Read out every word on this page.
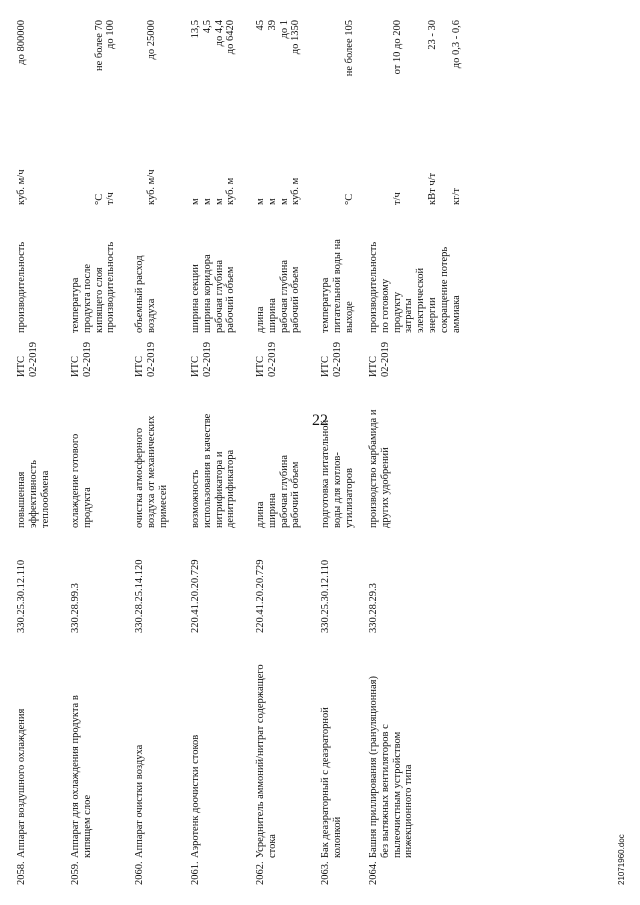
22
2058.
Аппарат воздушного охлаждения
330.25.30.12.110
повышенная эффективность теплообмена
ИТС 02-2019
производительность
куб. м/ч
до 800000
2059.
Аппарат для охлаждения продукта в кипящем слое
330.28.99.3
охлаждение готового продукта
ИТС 02-2019
температура продукта после кипящего слоя
°С
не более 70
производительность
т/ч
до 100
2060.
Аппарат очистки воздуха
330.28.25.14.120
очистка атмосферного воздуха от механических примесей
ИТС 02-2019
объемный расход воздуха
куб. м/ч
до 25000
2061.
Аэротенк доочистки стоков
220.41.20.20.729
возможность использования в качестве нитрификатора и денитрификатора
ИТС 02-2019
ширина секции
м
13,5
ширина коридора
м
4,5
рабочая глубина
м
до 4,4
рабочий объем
куб. м
до 6420
2062.
Усреднитель аммоний/нитрат содержащего стока
220.41.20.20.729
длина ширина рабочая глубина рабочий объем
ИТС 02-2019
длина
м
45
ширина
м
39
рабочая глубина
м
до 1
рабочий объем
куб. м
до 1350
2063.
Бак деаэраторный с деаэраторной колонкой
330.25.30.12.110
подготовка питательной воды для котлов- утилизаторов
ИТС 02-2019
температура питательной воды на выходе
°С
не более 105
2064.
Башня приллирования (грануляционная) без вытяжных вентиляторов с пылеочистным устройством инжекционного типа
330.28.29.3
производство карбамида и других удобрений
ИТС 02-2019
производительность по готовому продукту
т/ч
от 10 до 200
затраты электрической энергии
кВт ч/т
23 - 30
сокращение потерь аммиака
кг/т
до 0,3 - 0,6
21071960.doc
